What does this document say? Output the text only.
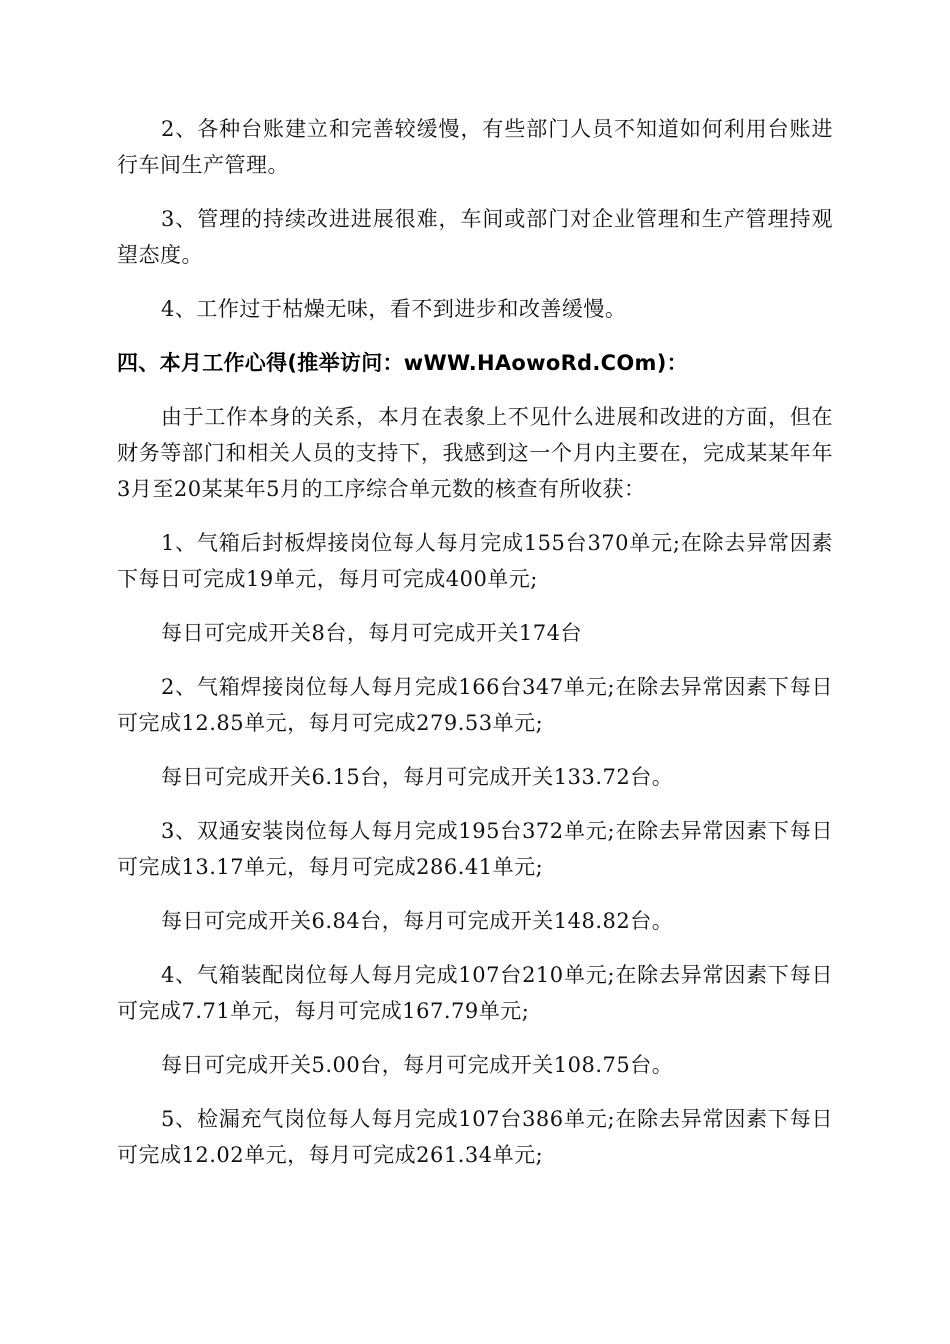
2、各种台账建立和完善较缓慢，有些部门人员不知道如何利用台账进行车间生产管理。

3、管理的持续改进进展很难，车间或部门对企业管理和生产管理持观望态度。

4、工作过于枯燥无味，看不到进步和改善缓慢。

四、本月工作心得(推举访问：wWW.HAowoRd.COm)：

由于工作本身的关系，本月在表象上不见什么进展和改进的方面，但在财务等部门和相关人员的支持下，我感到这一个月内主要在，完成某某年年3月至20某某年5月的工序综合单元数的核查有所收获：

1、气箱后封板焊接岗位每人每月完成155台370单元;在除去异常因素下每日可完成19单元，每月可完成400单元;

每日可完成开关8台，每月可完成开关174台

2、气箱焊接岗位每人每月完成166台347单元;在除去异常因素下每日可完成12.85单元，每月可完成279.53单元;

每日可完成开关6.15台，每月可完成开关133.72台。

3、双通安装岗位每人每月完成195台372单元;在除去异常因素下每日可完成13.17单元，每月可完成286.41单元;

每日可完成开关6.84台，每月可完成开关148.82台。

4、气箱装配岗位每人每月完成107台210单元;在除去异常因素下每日可完成7.71单元，每月可完成167.79单元;

每日可完成开关5.00台，每月可完成开关108.75台。

5、检漏充气岗位每人每月完成107台386单元;在除去异常因素下每日可完成12.02单元，每月可完成261.34单元;
